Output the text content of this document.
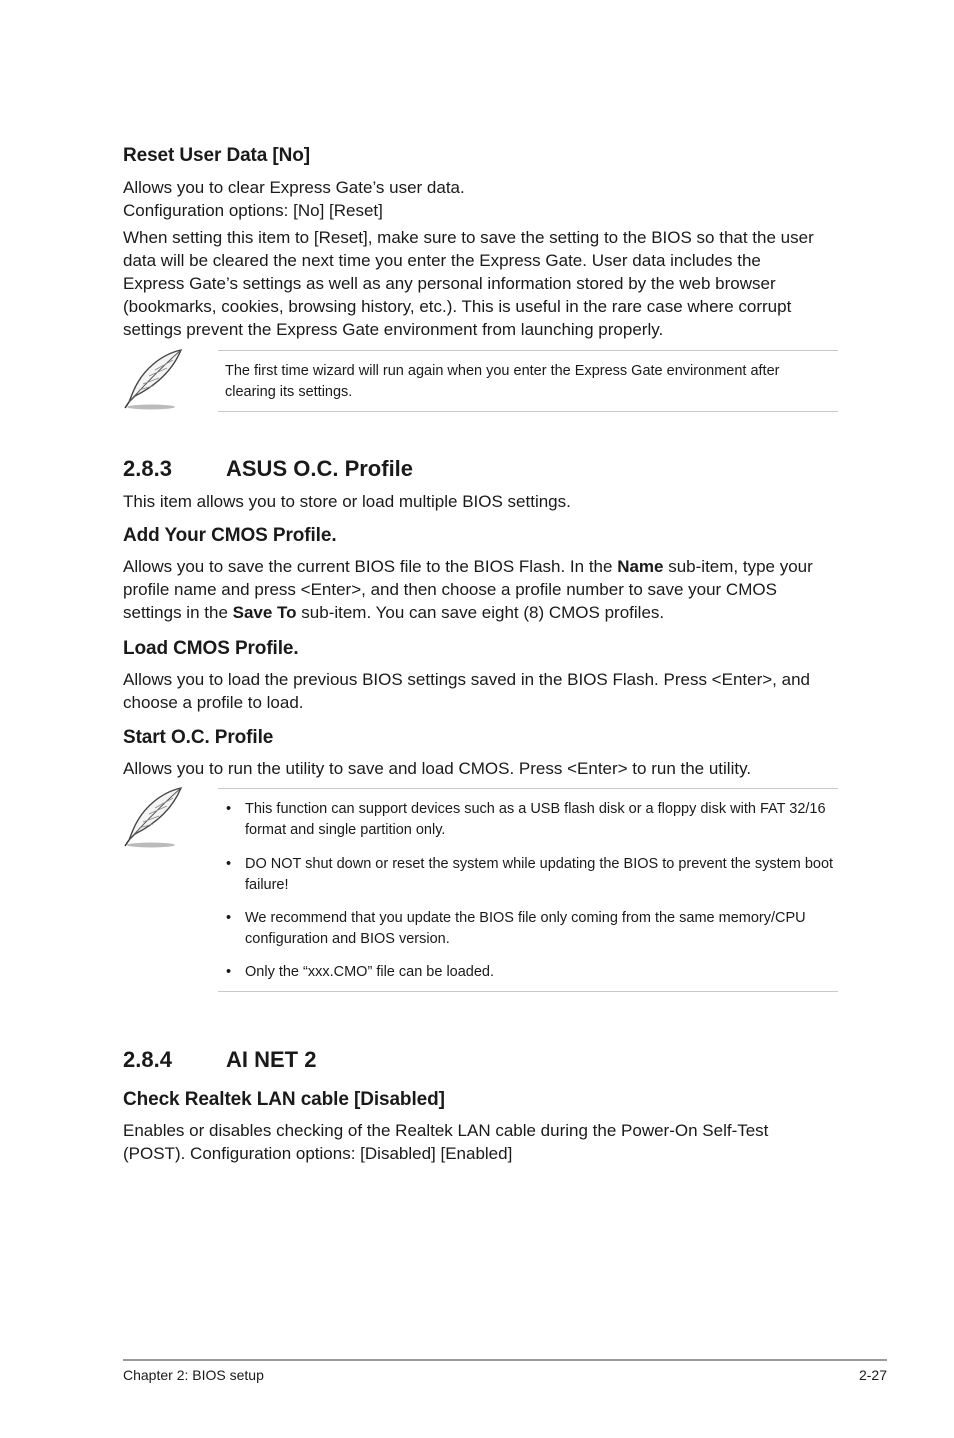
Reset User Data [No]
Allows you to clear Express Gate’s user data.
Configuration options: [No] [Reset]
When setting this item to [Reset], make sure to save the setting to the BIOS so that the user data will be cleared the next time you enter the Express Gate. User data includes the Express Gate’s settings as well as any personal information stored by the web browser (bookmarks, cookies, browsing history, etc.). This is useful in the rare case where corrupt settings prevent the Express Gate environment from launching properly.
The first time wizard will run again when you enter the Express Gate environment after clearing its settings.
2.8.3 ASUS O.C. Profile
This item allows you to store or load multiple BIOS settings.
Add Your CMOS Profile.
Allows you to save the current BIOS file to the BIOS Flash. In the Name sub-item, type your profile name and press <Enter>, and then choose a profile number to save your CMOS settings in the Save To sub-item. You can save eight (8) CMOS profiles.
Load CMOS Profile.
Allows you to load the previous BIOS settings saved in the BIOS Flash. Press <Enter>, and choose a profile to load.
Start O.C. Profile
Allows you to run the utility to save and load CMOS. Press <Enter> to run the utility.
• This function can support devices such as a USB flash disk or a floppy disk with FAT 32/16 format and single partition only.
• DO NOT shut down or reset the system while updating the BIOS to prevent the system boot failure!
• We recommend that you update the BIOS file only coming from the same memory/CPU configuration and BIOS version.
• Only the “xxx.CMO” file can be loaded.
2.8.4 AI NET 2
Check Realtek LAN cable [Disabled]
Enables or disables checking of the Realtek LAN cable during the Power-On Self-Test (POST). Configuration options: [Disabled] [Enabled]
Chapter 2: BIOS setup	2-27
